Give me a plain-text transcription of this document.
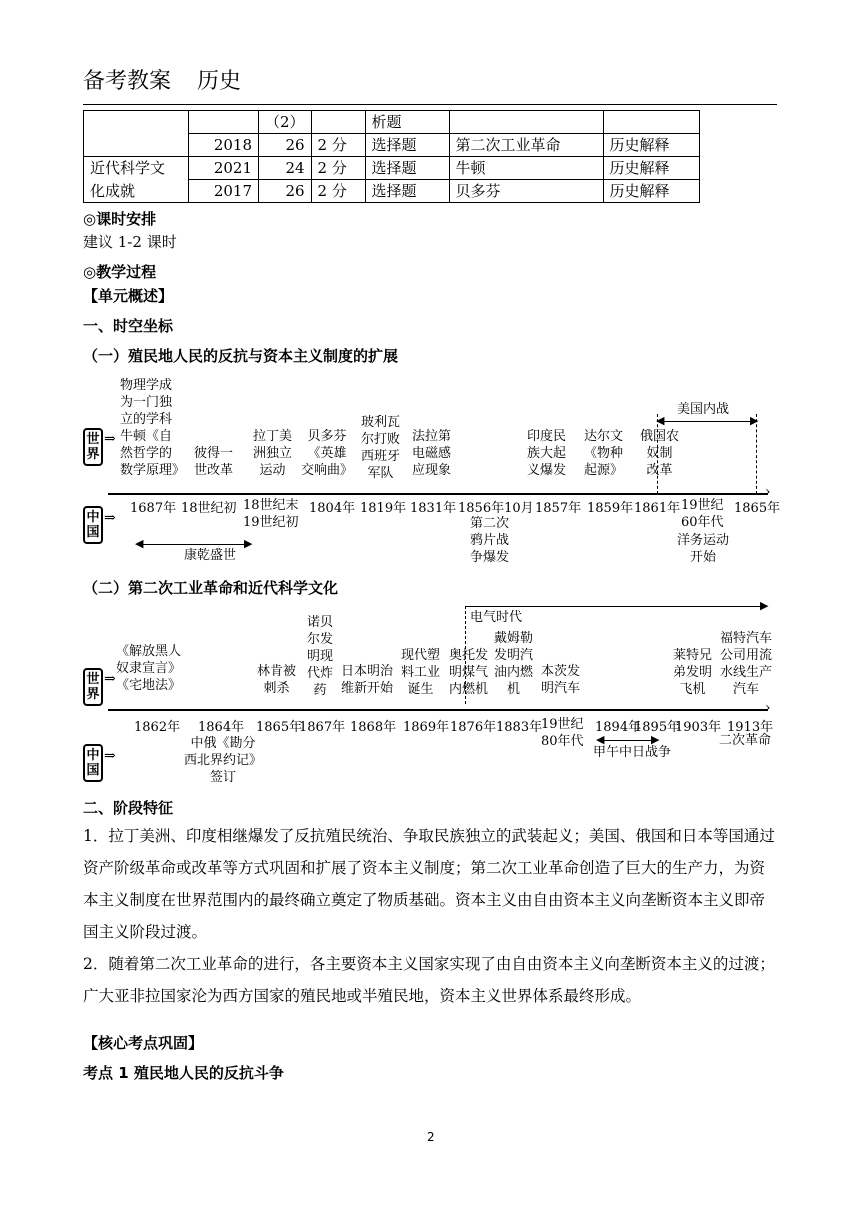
备考教案 历史
		（2）		析题		
	2018	26	2 分	选择题	第二次工业革命	历史解释
近代科学文	2021	24	2 分	选择题	牛顿	历史解释
化成就	2017	26	2 分	选择题	贝多芬	历史解释
◎课时安排
建议 1-2 课时
◎教学过程
【单元概述】
一、时空坐标
（一）殖民地人民的反抗与资本主义制度的扩展
世界
⇒
中国
⇒
物理学成
为一门独
立的学科
牛顿《自
然哲学的
数学原理》
彼得一
世改革
拉丁美
洲独立
运动
贝多芬
《英雄
交响曲》
玻利瓦
尔打败
西班牙
军队
法拉第
电磁感
应现象
印度民
族大起
义爆发
达尔文
《物种
起源》
俄国农
奴制
改革
◀	▶
美国内战
›
1687年 18世纪初 18世纪末
19世纪初
1804年 1819年 1831年 1856年10月 1857年 1859年 1861年 19世纪
60年代
1865年
◀	▶
康乾盛世
第二次
鸦片战
争爆发
洋务运动
开始
（二）第二次工业革命和近代科学文化
世界
⇒
中国
⇒
▶
电气时代
《解放黑人
奴隶宣言》
《宅地法》
林肯被
刺杀
诺贝
尔发
明现
代炸
药
日本明治
维新开始
现代塑
料工业
诞生
奥托发
明煤气
内燃机
戴姆勒
发明汽
油内燃
机
本茨发
明汽车
莱特兄
弟发明
飞机
福特汽车
公司用流
水线生产
汽车
›
1862年 1864年 1865年
1867年 1868年 1869年 1876年 1883年
19世纪
80年代
1894年
1895年
1903年 1913年
中俄《勘分
西北界约记》
签订
◀	▶
甲午中日战争
二次革命
二、阶段特征
1．拉丁美洲、印度相继爆发了反抗殖民统治、争取民族独立的武装起义；美国、俄国和日本等国通过资产阶级革命或改革等方式巩固和扩展了资本主义制度；第二次工业革命创造了巨大的生产力，为资本主义制度在世界范围内的最终确立奠定了物质基础。资本主义由自由资本主义向垄断资本主义即帝国主义阶段过渡。
2．随着第二次工业革命的进行，各主要资本主义国家实现了由自由资本主义向垄断资本主义的过渡；广大亚非拉国家沦为西方国家的殖民地或半殖民地，资本主义世界体系最终形成。
【核心考点巩固】
考点 1 殖民地人民的反抗斗争
2
